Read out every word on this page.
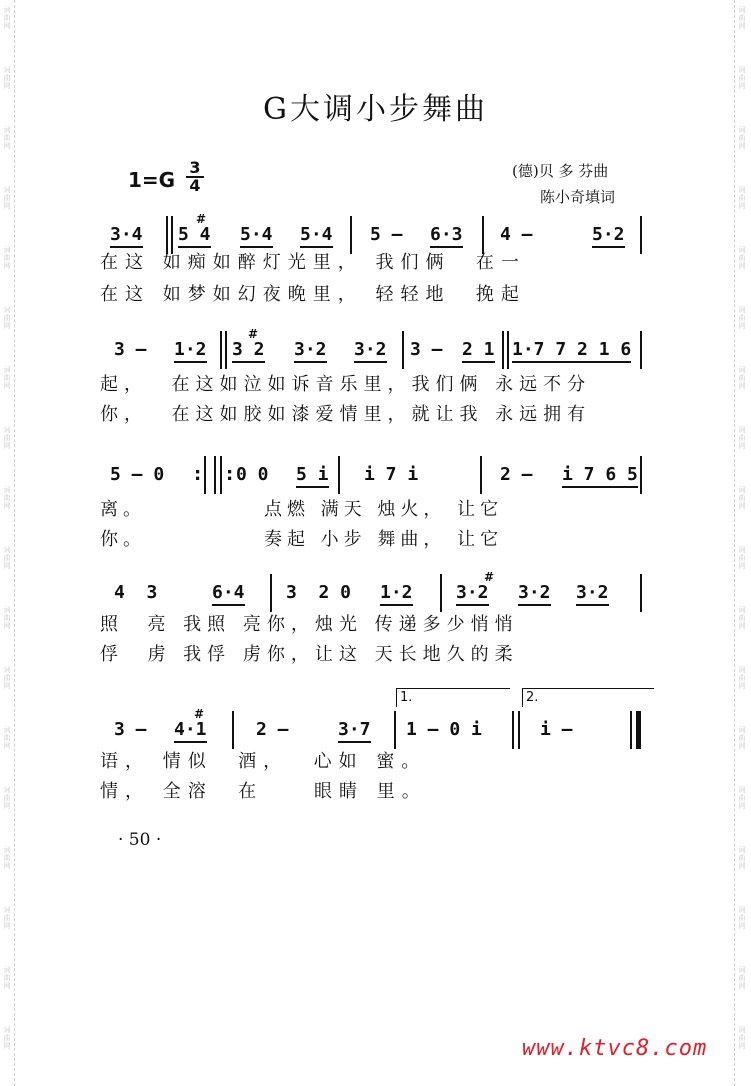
词
曲
网
词
曲
网
词
曲
网
词
曲
网
词
曲
网
词
曲
网
词
曲
网
词
曲
网
词
曲
网
词
曲
网
词
曲
网
词
曲
网
词
曲
网
词
曲
网
词
曲
网
词
曲
网
词
曲
网
词
曲
网
词
曲
网
词
曲
网
词
曲
网
词
曲
网
词
曲
网
词
曲
网
词
曲
网
词
曲
网
词
曲
网
词
曲
网
词
曲
网
词
曲
网
词
曲
网
词
曲
网
词
曲
网
词
曲
网
词
曲
网
词
曲
网
G大调小步舞曲
1=G
3
4
(德)贝 多 芬曲
陈小奇填词
3·4 5 4
#
5·4 5·4 5 — 6·3 4 —	5·2
在这 如痴如醉灯光里， 我们俩  在一
在这 如梦如幻夜晚里， 轻轻地  挽起
3 — 1·2 3 2
#
3·2 3·2 3 — 2 1 1·7 7 2 1 6
起，  在这如泣如诉音乐里，我们俩 永远不分
你，  在这如胶如漆爱情里，就让我 永远拥有
5 — 0 : : 0 0 5 i i 7 i	2 — i 7 6 5
离。           点燃 满天 烛火， 让它
你。           奏起 小步 舞曲， 让它
4  3	6·4 3  2 0 1·2 3·2
#
3·2 3·2
照  亮 我照 亮你，烛光 传递多少悄悄
俘  虏 我俘 虏你，让这 天长地久的柔
1.	2.
3 — 4·1
#
2 —	3·7 1 — 0 i	i —
语， 情似  酒，  心如 蜜。
情， 全溶  在    眼睛 里。
· 50 ·
www.ktvc8.com
